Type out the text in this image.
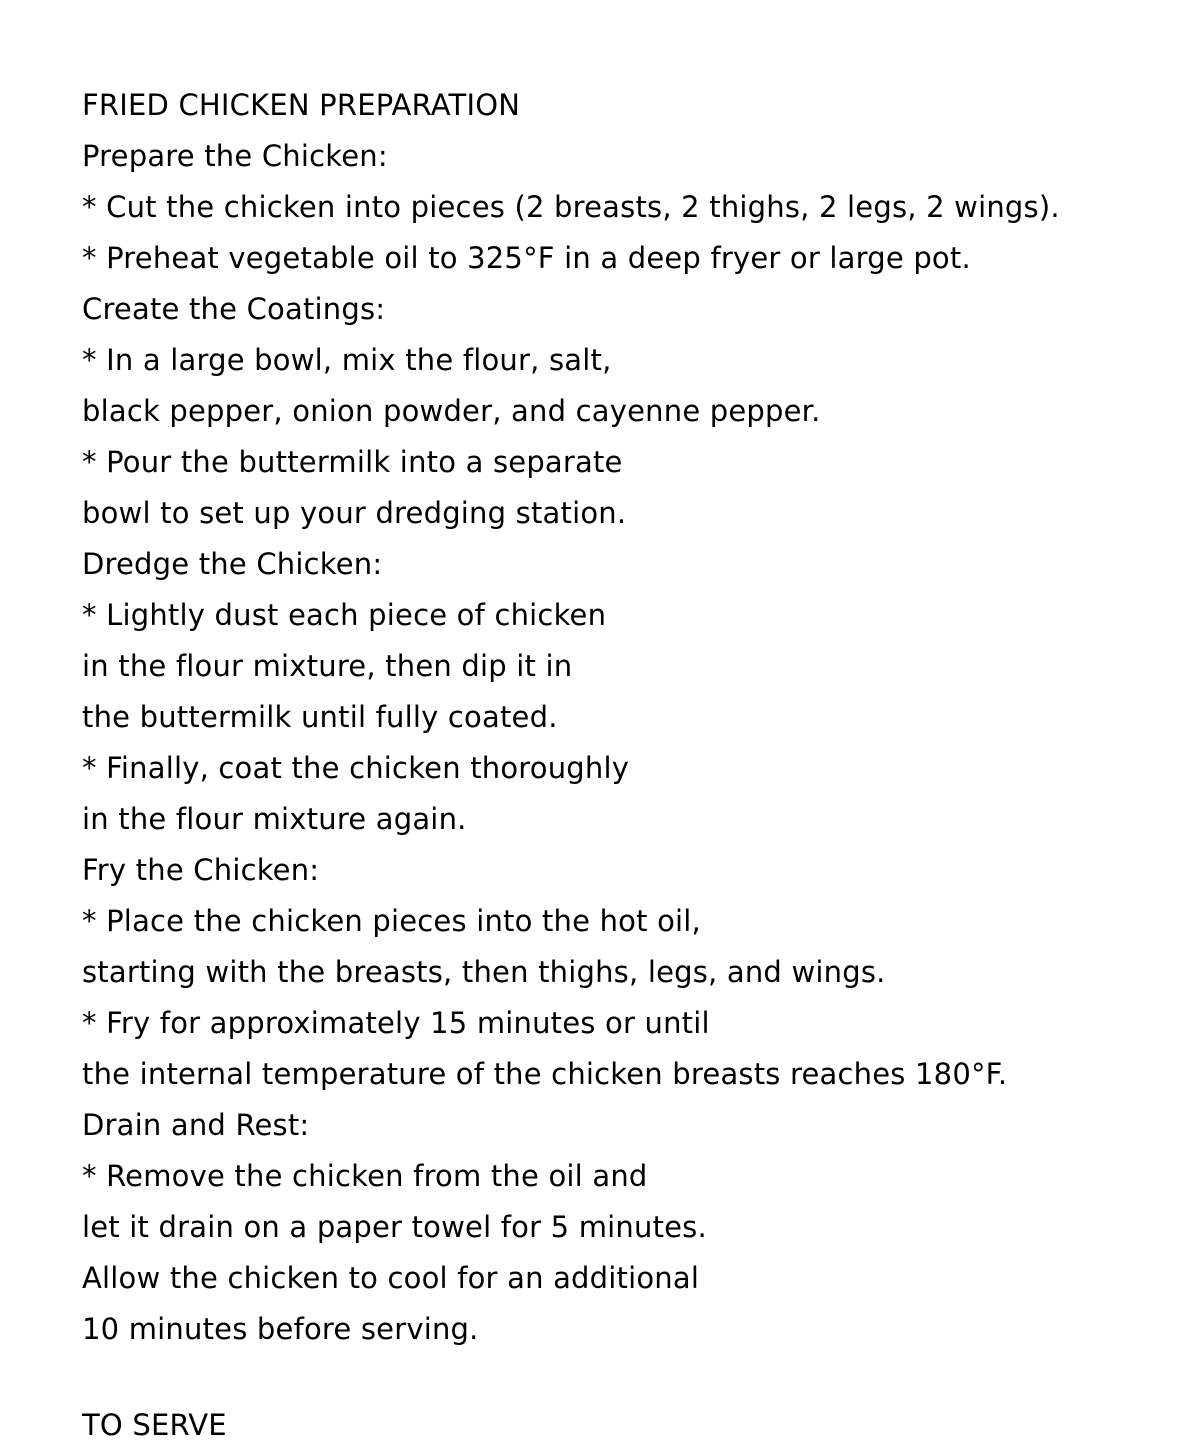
FRIED CHICKEN PREPARATION
Prepare the Chicken:
* Cut the chicken into pieces (2 breasts, 2 thighs, 2 legs, 2 wings).
* Preheat vegetable oil to 325°F in a deep fryer or large pot.
Create the Coatings:
* In a large bowl, mix the flour, salt,
black pepper, onion powder, and cayenne pepper.
* Pour the buttermilk into a separate
bowl to set up your dredging station.
Dredge the Chicken:
* Lightly dust each piece of chicken
in the flour mixture, then dip it in
the buttermilk until fully coated.
* Finally, coat the chicken thoroughly
in the flour mixture again.
Fry the Chicken:
* Place the chicken pieces into the hot oil,
starting with the breasts, then thighs, legs, and wings.
* Fry for approximately 15 minutes or until
the internal temperature of the chicken breasts reaches 180°F.
Drain and Rest:
* Remove the chicken from the oil and
let it drain on a paper towel for 5 minutes.
Allow the chicken to cool for an additional
10 minutes before serving.
TO SERVE
